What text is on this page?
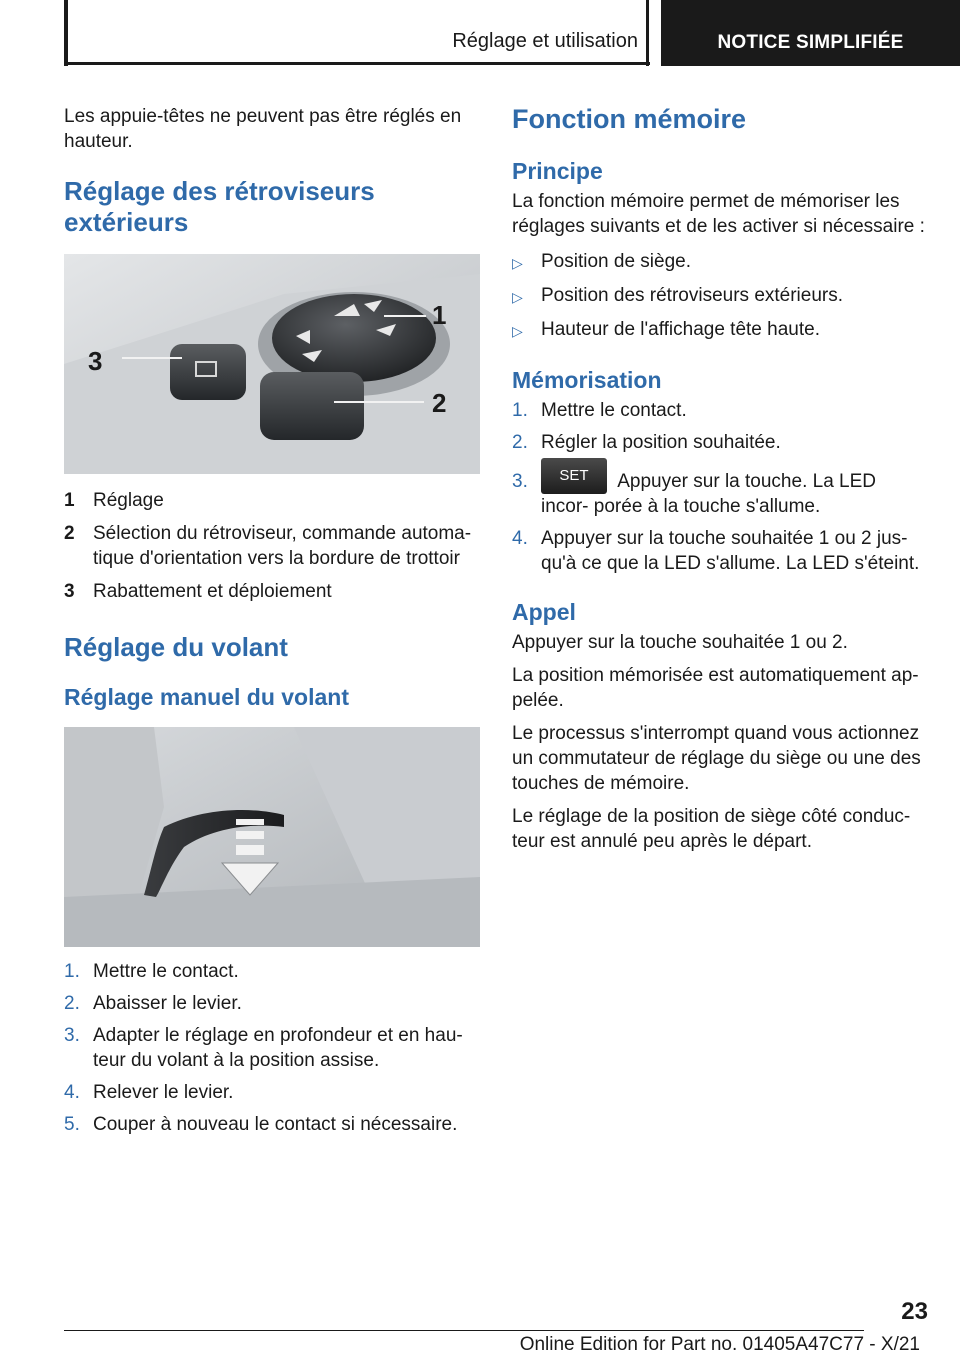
Réglage et utilisation	NOTICE SIMPLIFIÉE

Les appuie-têtes ne peuvent pas être réglés en hauteur.

Réglage des rétroviseurs extérieurs
1
2
3
1 Réglage
2 Sélection du rétroviseur, commande automa‐ tique d'orientation vers la bordure de trottoir
3 Rabattement et déploiement
Réglage du volant
Réglage manuel du volant
1. Mettre le contact.
2. Abaisser le levier.
3. Adapter le réglage en profondeur et en hau‐ teur du volant à la position assise.
4. Relever le levier.
5. Couper à nouveau le contact si nécessaire.
Fonction mémoire
Principe

La fonction mémoire permet de mémoriser les réglages suivants et de les activer si nécessaire :

▷ Position de siège.
▷ Position des rétroviseurs extérieurs.
▷ Hauteur de l'affichage tête haute.
Mémorisation
1. Mettre le contact.
2. Régler la position souhaitée.
3.	SET Appuyer sur la touche. La LED incor‐ porée à la touche s'allume.
4. Appuyer sur la touche souhaitée 1 ou 2 jus‐ qu'à ce que la LED s'allume. La LED s'éteint.
Appel

Appuyer sur la touche souhaitée 1 ou 2.

La position mémorisée est automatiquement ap‐ pelée.

Le processus s'interrompt quand vous actionnez un commutateur de réglage du siège ou une des touches de mémoire.

Le réglage de la position de siège côté conduc‐ teur est annulé peu après le départ.

23
Online Edition for Part no. 01405A47C77 - X/21
